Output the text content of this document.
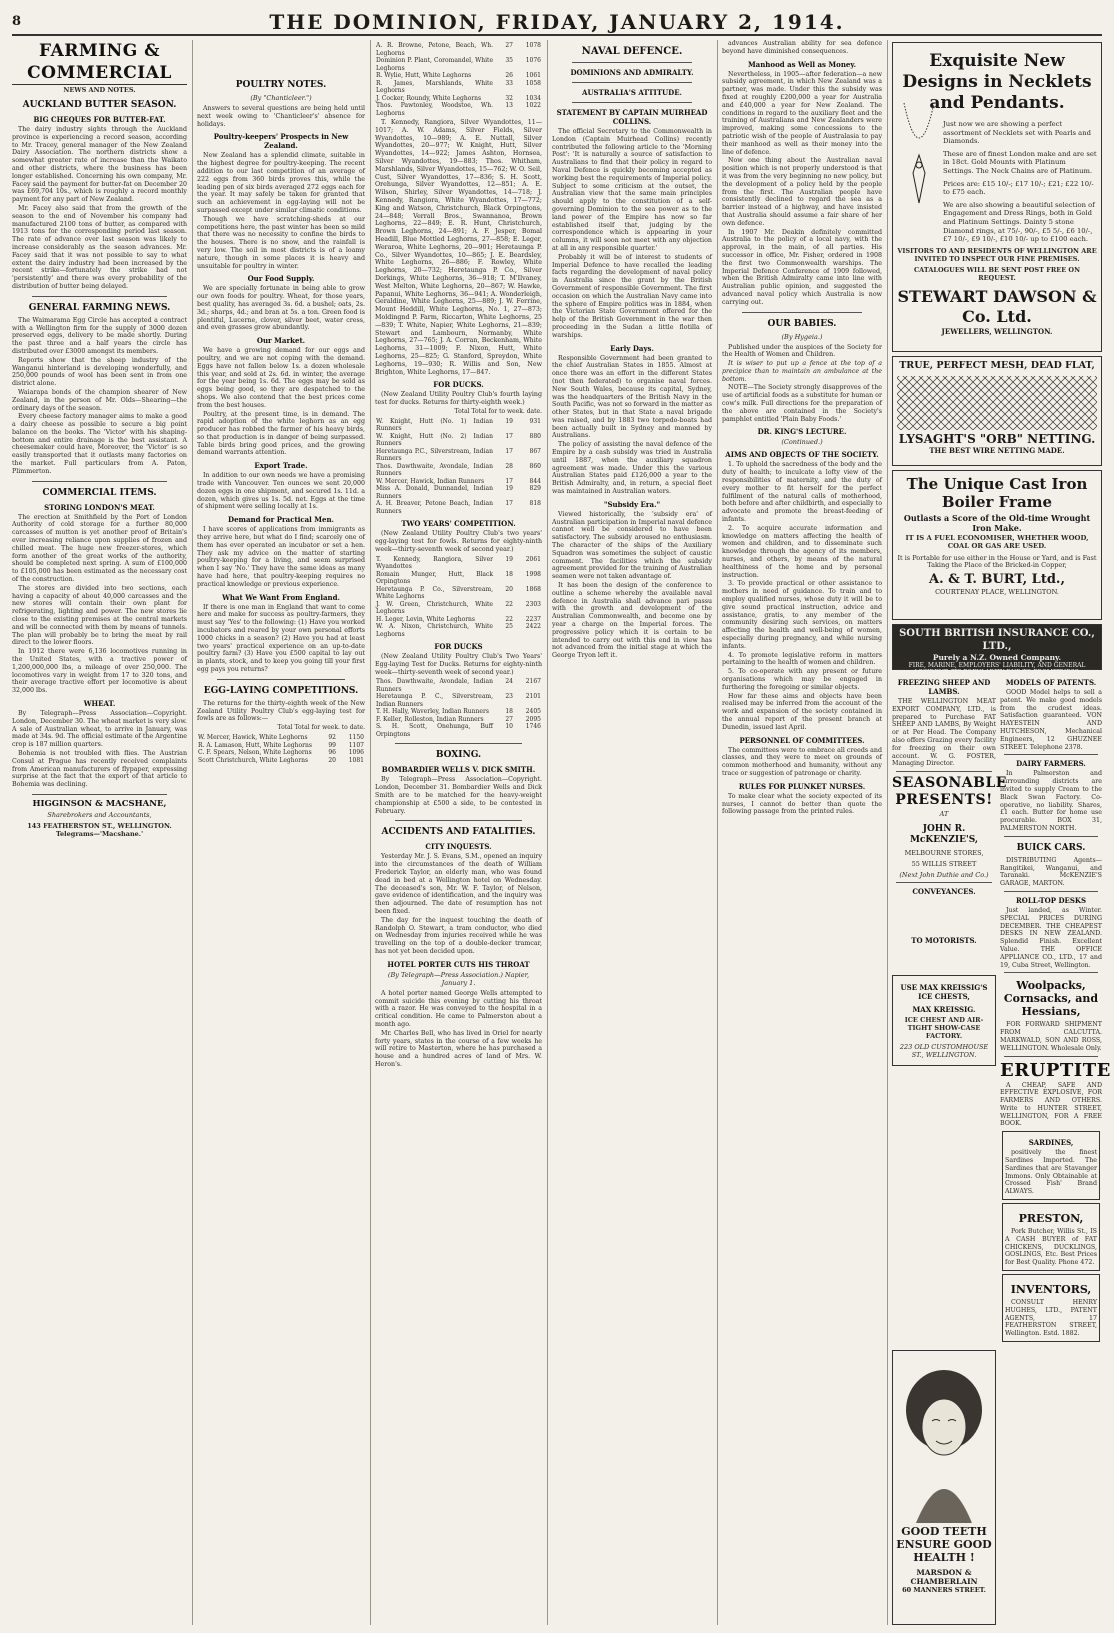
8	THE DOMINION, FRIDAY, JANUARY 2, 1914.
FARMING & COMMERCIAL
NEWS AND NOTES.
AUCKLAND BUTTER SEASON.
BIG CHEQUES FOR BUTTER-FAT.

The dairy industry sights through the Auckland province is experiencing a record season, according to Mr. Tracey, general manager of the New Zealand Dairy Association. The northern districts show a somewhat greater rate of increase than the Waikato and other districts, where the business has been longer established. Concerning his own company, Mr. Facey said the payment for butter-fat on December 20 was £69,704 10s., which is roughly a record monthly payment for any part of New Zealand.

Mr. Facey also said that from the growth of the season to the end of November his company had manufactured 2100 tons of butter, as compared with 1913 tons for the corresponding period last season. The rate of advance over last season was likely to increase considerably as the season advances. Mr. Facey said that it was not possible to say to what extent the dairy industry had been increased by the recent strike—fortunately the strike had not 'persistently' and there was every probability of the distribution of butter being delayed.

GENERAL FARMING NEWS.

The Waimarama Egg Circle has accepted a contract with a Wellington firm for the supply of 3000 dozen preserved eggs, delivery to be made shortly. During the past three and a half years the circle has distributed over £3000 amongst its members.

Reports show that the sheep industry of the Wanganui hinterland is developing wonderfully, and 250,000 pounds of wool has been sent in from one district alone.

Waiarapa bonds of the champion shearer of New Zealand, in the person of Mr. Olds—Shearing—the ordinary days of the season.

Every cheese factory manager aims to make a good a dairy cheese as possible to secure a big point balance on the books. The 'Victor' with his shaping-bottom and entire drainage is the best assistant. A cheesemaker could have, Moreover, the 'Victor' is so easily transported that it outlasts many factories on the market. Full particulars from A. Paton, Plimmerton.

COMMERCIAL ITEMS.
STORING LONDON'S MEAT.

The erection at Smithfield by the Port of London Authority of cold storage for a further 80,000 carcasses of mutton is yet another proof of Britain's ever increasing reliance upon supplies of frozen and chilled meat. The huge new freezer-stores, which form another of the great works of the authority, should be completed next spring. A sum of £100,000 to £105,000 has been estimated as the necessary cost of the construction.

The stores are divided into two sections, each having a capacity of about 40,000 carcasses and the new stores will contain their own plant for refrigerating, lighting and power. The new stores lie close to the existing premises at the central markets and will be connected with them by means of tunnels. The plan will probably be to bring the meat by rail direct to the lower floors.

In 1912 there were 6,136 locomotives running in the United States, with a tractive power of 1,200,000,000 lbs, a mileage of over 250,000. The locomotives vary in weight from 17 to 320 tons, and their average tractive effort per locomotive is about 32,000 lbs.

WHEAT.

By Telegraph—Press Association—Copyright. London, December 30. The wheat market is very slow. A sale of Australian wheat, to arrive in January, was made at 34s. 9d. The official estimate of the Argentine crop is 187 million quarters.

Bohemia is not troubled with flies. The Austrian Consul at Prague has recently received complaints from American manufacturers of flypaper, expressing surprise at the fact that the export of that article to Bohemia was declining.

HIGGINSON & MACSHANE,
Sharebrokers and Accountants,
143 FEATHERSTON ST., WELLINGTON. Telegrams—'Macshane.'
POULTRY NOTES.
(By "Chanticleer.")

Answers to several questions are being held until next week owing to 'Chanticleer's' absence for holidays.

Poultry-keepers' Prospects in New Zealand.

New Zealand has a splendid climate, suitable in the highest degree for poultry-keeping. The recent addition to our last competition of an average of 222 eggs from 360 birds proves this, while the leading pen of six birds averaged 272 eggs each for the year. It may safely be taken for granted that such an achievement in egg-laying will not be surpassed except under similar climatic conditions.

Though we have scratching-sheds at our competitions here, the past winter has been so mild that there was no necessity to confine the birds to the houses. There is no snow, and the rainfall is very low. The soil in most districts is of a loamy nature, though in some places it is heavy and unsuitable for poultry in winter.

Our Food Supply.

We are specially fortunate in being able to grow our own foods for poultry. Wheat, for those years, best quality, has averaged 3s. 6d. a bushel; oats, 2s. 3d.; sharps, 4d.; and bran at 5s. a ton. Green food is plentiful, Lucerne, clover, silver beet, water cress, and even grasses grow abundantly.

Our Market.

We have a growing demand for our eggs and poultry, and we are not coping with the demand. Eggs have not fallen below 1s. a dozen wholesale this year, and sold at 2s. 6d. in winter, the average for the year being 1s. 6d. The eggs may be sold as eggs being good, so they are despatched to the shops. We also contend that the best prices come from the best houses.

Poultry, at the present time, is in demand. The rapid adoption of the white leghorn as an egg producer has robbed the farmer of his heavy birds, so that production is in danger of being surpassed. Table birds bring good prices, and the growing demand warrants attention.

Export Trade.

In addition to our own needs we have a promising trade with Vancouver. Ten ounces we sent 20,000 dozen eggs in one shipment, and secured 1s. 11d. a dozen, which gives us 1s. 5d. net. Eggs at the time of shipment were selling locally at 1s.

Demand for Practical Men.

I have scores of applications from immigrants as they arrive here, but what do I find; scarcely one of them has ever operated an incubator or set a hen. They ask my advice on the matter of starting poultry-keeping for a living, and seem surprised when I say 'No.' They have the same ideas as many have had here, that poultry-keeping requires no practical knowledge or previous experience.

What We Want From England.

If there is one man in England that want to come here and make for success as poultry-farmers, they must say 'Yes' to the following: (1) Have you worked incubators and reared by your own personal efforts 1000 chicks in a season? (2) Have you had at least two years' practical experience on an up-to-date poultry farm? (3) Have you £500 capital to lay out in plants, stock, and to keep you going till your first egg pays you returns?

EGG-LAYING COMPETITIONS.

The returns for the thirty-eighth week of the New Zealand Utility Poultry Club's egg-laying test for fowls are as follows:—

Total Total for week. to date.
W. Mercer, Hawick, White Leghorns	92	1150
R. A. Lamason, Hutt, White Leghorns	99	1107
C. F. Spears, Nelson, White Leghorns	96	1096
Scott Christchurch, White Leghorns	20	1081
A. R. Browne, Petone, Beach, Wh. Leghorns	27	1078
Dominion P. Plant, Coromandel, White Leghorns	35	1076
R. Wylie, Hutt, White Leghorns	26	1061
R. James, Marshlands, White Leghorns	33	1058
J. Cocker, Roundy, White Leghorns	32	1034
Thos. Pawtonley, Woodstoe, Wh. Leghorns	13	1022

T. Kennedy, Rangiora, Silver Wyandottes, 11—1017; A. W. Adams, Silver Fields, Silver Wyandottes, 10—989; A. E. Nuttall, Silver Wyandottes, 20—977; W. Knight, Hutt, Silver Wyandottes, 14—922; James Ashton, Hornsea, Silver Wyandottes, 19—883; Thos. Whitham, Marshlands, Silver Wyandottes, 15—762; W. O. Seil, Cust, Silver Wyandottes, 17—836; S. H. Scott, Orehunga, Silver Wyandottes, 12—851; A. E. Wilson, Shirley, Silver Wyandottes, 14—718; J. Kennedy, Rangiora, White Wyandottes, 17—772; King and Watson, Christchurch, Black Orpingtons, 24—848; Verrall Bros., Swannanoa, Brown Leghorns, 22—849; E. R. Hunt, Christchurch, Brown Leghorns, 24—891; A. F. Jesper, Bomal Headill, Blue Mottled Leghorns, 27—858; E. Leger, Weraroa, White Leghorns, 20—901; Heretaunga P. Co., Silver Wyandottes, 10—865; J. E. Beardsley, White Leghorns, 26—886; F. Rowley, White Leghorns, 20—732; Heretaunga P. Co., Silver Dorkings, White Leghorns, 36—918; T. M'Ilvaney, West Melton, White Leghorns, 20—867; W. Hawke, Papanui, White Leghorns, 36—941; A. Wonderleigh, Geraldine, White Leghorns, 25—889; J. W. Ferrine, Mount Heddill, White Leghorns, No. 1, 27—873; Moldingnd P. Farm, Riccarton, White Leghorns, 25—839; T. White, Napier, White Leghorns, 21—839; Stewart and Lambourn, Normanby, White Leghorns, 27—765; J. A. Corran, Beckenham, White Leghorns, 31—1009; F. Nixon, Hutt, White Leghorns, 25—825; G. Stanford, Spreydon, White Leghorns, 19—930; R. Willis and Son, New Brighton, White Leghorns, 17—847.

FOR DUCKS.

(New Zealand Utility Poultry Club's fourth laying test for ducks. Returns for thirty-eighth week.)

Total Total for to week. date.
W. Knight, Hutt (No. 1) Indian Runners	19	931
W. Knight, Hutt (No. 2) Indian Runners	17	880
Heretaunga P.C., Silverstream, Indian Runners	17	867
Thos. Dawthwaite, Avondale, Indian Runners	28	860
W. Mercer, Hawick, Indian Runners	17	844
Miss A. Donald, Dunnandel, Indian Runners	19	829
A. H. Breaver, Petone Beach, Indian Runners	17	818
TWO YEARS' COMPETITION.

(New Zealand Utility Poultry Club's two years' egg-laying test for fowls. Returns for eighty-ninth week—thirty-seventh week of second year.)

T. Kennedy, Rangiora, Silver Wyandottes	19	2061
Romain Munger, Hutt, Black Orpingtons	18	1998
Heretaunga P. Co., Silverstream, White Leghorns	20	1868
J. W. Green, Christchurch, White Leghorns	22	2303
H. Leger, Levin, White Leghorns	22	2237
W. A. Nixon, Christchurch, White Leghorns	25	2422
FOR DUCKS

(New Zealand Utility Poultry Club's Two Years' Egg-laying Test for Ducks. Returns for eighty-ninth week—thirty-seventh week of second year.)

Thos. Dawthwaite, Avondale, Indian Runners	24	2167
Heretaunga P. C., Silverstream, Indian Runners	23	2101
T. H. Hally, Waverley, Indian Runners	18	2405
F. Keller, Rolleston, Indian Runners	27	2095
S. H. Scott, Onehunga, Buff Orpingtons	10	1746
BOXING.
BOMBARDIER WELLS V. DICK SMITH.

By Telegraph—Press Association—Copyright. London, December 31. Bombardier Wells and Dick Smith are to be matched for the heavy-weight championship at £500 a side, to be contested in February.

ACCIDENTS AND FATALITIES.
CITY INQUESTS.

Yesterday Mr. J. S. Evans, S.M., opened an inquiry into the circumstances of the death of William Frederick Taylor, an elderly man, who was found dead in bed at a Wellington hotel on Wednesday. The deceased's son, Mr. W. F. Taylor, of Nelson, gave evidence of identification, and the inquiry was then adjourned. The date of resumption has not been fixed.

The day for the inquest touching the death of Randolph O. Stewart, a tram conductor, who died on Wednesday from injuries received while he was travelling on the top of a double-decker tramcar, has not yet been decided upon.

HOTEL PORTER CUTS HIS THROAT
(By Telegraph—Press Association.) Napier, January 1.

A hotel porter named George Wells attempted to commit suicide this evening by cutting his throat with a razor. He was conveyed to the hospital in a critical condition. He came to Palmerston about a month ago.

Mr. Charles Bell, who has lived in Oriel for nearly forty years, states in the course of a few weeks he will retire to Masterton, where he has purchased a house and a hundred acres of land of Mrs. W. Heron's.

NAVAL DEFENCE.
DOMINIONS AND ADMIRALTY.
AUSTRALIA'S ATTITUDE.
STATEMENT BY CAPTAIN MUIRHEAD COLLINS.

The official Secretary to the Commonwealth in London (Captain Muirhead Collins) recently contributed the following article to the 'Morning Post': 'It is naturally a source of satisfaction to Australians to find that their policy in regard to Naval Defence is quickly becoming accepted as working best the requirements of Imperial policy. Subject to some criticism at the outset, the Australian view that the same main principles should apply to the constitution of a self-governing Dominion to the sea power as to the land power of the Empire has now so far established itself that, judging by the correspondence which is appearing in your columns, it will soon not meet with any objection at all in any responsible quarter.'

Probably it will be of interest to students of Imperial Defence to have recalled the leading facts regarding the development of naval policy in Australia since the grant by the British Government of responsible Government. The first occasion on which the Australian Navy came into the sphere of Empire politics was in 1884, when the Victorian State Government offered for the help of the British Government in the war then proceeding in the Sudan a little flotilla of warships.

Early Days.

Responsible Government had been granted to the chief Australian States in 1855. Almost at once there was an effort in the different States (not then federated) to organise naval forces. New South Wales, because its capital, Sydney, was the headquarters of the British Navy in the South Pacific, was not so forward in the matter as other States, but in that State a naval brigade was raised, and by 1883 two torpedo-boats had been actually built in Sydney and manned by Australians.

The policy of assisting the naval defence of the Empire by a cash subsidy was tried in Australia until 1887, when the auxiliary squadron agreement was made. Under this the various Australian States paid £126,000 a year to the British Admiralty, and, in return, a special fleet was maintained in Australian waters.

"Subsidy Era."

Viewed historically, the 'subsidy era' of Australian participation in Imperial naval defence cannot well be considered to have been satisfactory. The subsidy aroused no enthusiasm. The character of the ships of the Auxiliary Squadron was sometimes the subject of caustic comment. The facilities which the subsidy agreement provided for the training of Australian seamen were not taken advantage of.

It has been the design of the conference to outline a scheme whereby the available naval defence in Australia shall advance pari passu with the growth and development of the Australian Commonwealth, and become one by year a charge on the Imperial forces. The progressive policy which it is certain to be intended to carry out with this end in view has not advanced from the initial stage at which the George Tryon left it.

advances Australian ability for sea defence beyond have diminished consequences.

Manhood as Well as Money.

Nevertheless, in 1905—after federation—a new subsidy agreement, in which New Zealand was a partner, was made. Under this the subsidy was fixed at roughly £200,000 a year for Australia and £40,000 a year for New Zealand. The conditions in regard to the auxiliary fleet and the training of Australians and New Zealanders were improved, making some concessions to the patriotic wish of the people of Australasia to pay their manhood as well as their money into the line of defence.

Now one thing about the Australian naval position which is not properly understood is that it was from the very beginning no new policy, but the development of a policy held by the people from the first. The Australian people have consistently declined to regard the sea as a barrier instead of a highway, and have insisted that Australia should assume a fair share of her own defence.

In 1907 Mr. Deakin definitely committed Australia to the policy of a local navy, with the approval, in the main, of all parties. His successor in office, Mr. Fisher, ordered in 1908 the first two Commonwealth warships. The Imperial Defence Conference of 1909 followed, when the British Admiralty came into line with Australian public opinion, and suggested the advanced naval policy which Australia is now carrying out.

OUR BABIES.
(By Hygeia.)

Published under the auspices of the Society for the Health of Women and Children.

It is wiser to put up a fence at the top of a precipice than to maintain an ambulance at the bottom.

NOTE—The Society strongly disapproves of the use of artificial foods as a substitute for human or cow's milk. Full directions for the preparation of the above are contained in the Society's pamphlet entitled 'Plain Baby Foods.'

DR. KING'S LECTURE.
(Continued.)
AIMS AND OBJECTS OF THE SOCIETY.

1. To uphold the sacredness of the body and the duty of health; to inculcate a lofty view of the responsibilities of maternity, and the duty of every mother to fit herself for the perfect fulfilment of the natural calls of motherhood, both before and after childbirth, and especially to advocate and promote the breast-feeding of infants.

2. To acquire accurate information and knowledge on matters affecting the health of women and children, and to disseminate such knowledge through the agency of its members, nurses, and others, by means of the natural healthiness of the home and by personal instruction.

3. To provide practical or other assistance to mothers in need of guidance. To train and to employ qualified nurses, whose duty it will be to give sound practical instruction, advice and assistance, gratis, to any member of the community desiring such services, on matters affecting the health and well-being of women, especially during pregnancy, and while nursing infants.

4. To promote legislative reform in matters pertaining to the health of women and children.

5. To co-operate with any present or future organisations which may be engaged in furthering the foregoing or similar objects.

How far these aims and objects have been realised may be inferred from the account of the work and expansion of the society contained in the annual report of the present branch at Dunedin, issued last April.

PERSONNEL OF COMMITTEES.

The committees were to embrace all creeds and classes, and they were to meet on grounds of common motherhood and humanity, without any trace or suggestion of patronage or charity.

RULES FOR PLUNKET NURSES.

To make clear what the society expected of its nurses, I cannot do better than quote the following passage from the printed rules.

Exquisite New Designs in Necklets and Pendants.
Just now we are showing a perfect assortment of Necklets set with Pearls and Diamonds.
These are of finest London make and are set in 18ct. Gold Mounts with Platinum Settings. The Neck Chains are of Platinum.
Prices are: £15 10/-; £17 10/-; £21; £22 10/- to £75 each.
We are also showing a beautiful selection of Engagement and Dress Rings, both in Gold and Platinum Settings. Dainty 5 stone Diamond rings, at 75/-, 90/-, £5 5/-, £6 10/-, £7 10/-, £9 10/-, £10 10/- up to £100 each.
VISITORS TO AND RESIDENTS OF WELLINGTON ARE INVITED TO INSPECT OUR FINE PREMISES.
CATALOGUES WILL BE SENT POST FREE ON REQUEST.
STEWART DAWSON & Co. Ltd.
JEWELLERS, WELLINGTON.
TRUE, PERFECT MESH, DEAD FLAT,
LYSAGHT'S "ORB" NETTING.
THE BEST WIRE NETTING MADE.
The Unique Cast Iron Boiler Frame
Outlasts a Score of the Old-time Wrought Iron Make.
IT IS A FUEL ECONOMISER, WHETHER WOOD, COAL OR GAS ARE USED.
It is Portable for use either in the House or Yard, and is Fast Taking the Place of the Bricked-in Copper,
A. & T. BURT, Ltd.,
COURTENAY PLACE, WELLINGTON.
SOUTH BRITISH INSURANCE CO., LTD.,
Purely a N.Z. Owned Company.
FIRE, MARINE, EMPLOYERS' LIABILITY, AND GENERAL ACCIDENT. ITS POPULARITY DUE TO PROMPTNESS.
MODELS OF PATENTS.

GOOD Model helps to sell a patent. We make good models from the crudest ideas. Satisfaction guaranteed. VON HAYESTEIN AND HUTCHESON, Mechanical Engineers, 12 GHUZNEE STREET. Telephone 2378.

DAIRY FARMERS.

In Palmerston and surrounding districts are invited to supply Cream to the Black Swan Factory. Co-operative, no liability. Shares, £1 each. Butter for home use procurable. BOX 31, PALMERSTON NORTH.

BUICK CARS.

DISTRIBUTING Agents—Rangitikei, Wanganui, and Taranaki. McKENZIE'S GARAGE, MARTON.

ROLL-TOP DESKS

Just landed, as Winter. SPECIAL PRICES DURING DECEMBER. THE CHEAPEST DESKS IN NEW ZEALAND. Splendid Finish. Excellent Value. THE OFFICE APPLIANCE CO., LTD., 17 and 19, Cuba Street, Wellington.

Woolpacks, Cornsacks, and Hessians,

FOR FORWARD SHIPMENT FROM CALCUTTA. MARKWALD, SON AND ROSS, WELLINGTON. Wholesale Only.

ERUPTITE

A CHEAP, SAFE AND EFFECTIVE EXPLOSIVE, FOR FARMERS AND OTHERS. Write to HUNTER STREET, WELLINGTON, FOR A FREE BOOK.

SARDINES,

positively the finest Sardines Imported. The Sardines that are Stavanger Immons. Only Obtainable at Crossed Fish' Brand ALWAYS.

PRESTON,

Pork Butcher, Willis St., IS A CASH BUYER of FAT CHICKENS, DUCKLINGS, GOSLINGS, Etc. Best Prices for Best Quality. Phone 472.

INVENTORS,

CONSULT HENRY HUGHES, LTD., PATENT AGENTS, 17 FEATHERSTON STREET, Wellington. Estd. 1882.

FREEZING SHEEP AND LAMBS.

THE WELLINGTON MEAT EXPORT COMPANY, LTD., is prepared to Purchase FAT SHEEP AND LAMBS, By Weight or at Per Head. The Company also offers Grazing every facility for freezing on their own account. W. G. FOSTER, Managing Director.

SEASONABLE PRESENTS!
AT
JOHN R. McKENZIE'S,
MELBOURNE STORES,
55 WILLIS STREET
(Next John Duthie and Co.)
CONVEYANCES.
TO MOTORISTS.
USE MAX KREISSIG'S ICE CHESTS,
MAX KREISSIG.
ICE CHEST AND AIR-TIGHT SHOW-CASE FACTORY.
223 OLD CUSTOMHOUSE ST., WELLINGTON.
GOOD TEETH ENSURE GOOD HEALTH !
MARSDON & CHAMBERLAIN
60 MANNERS STREET.
